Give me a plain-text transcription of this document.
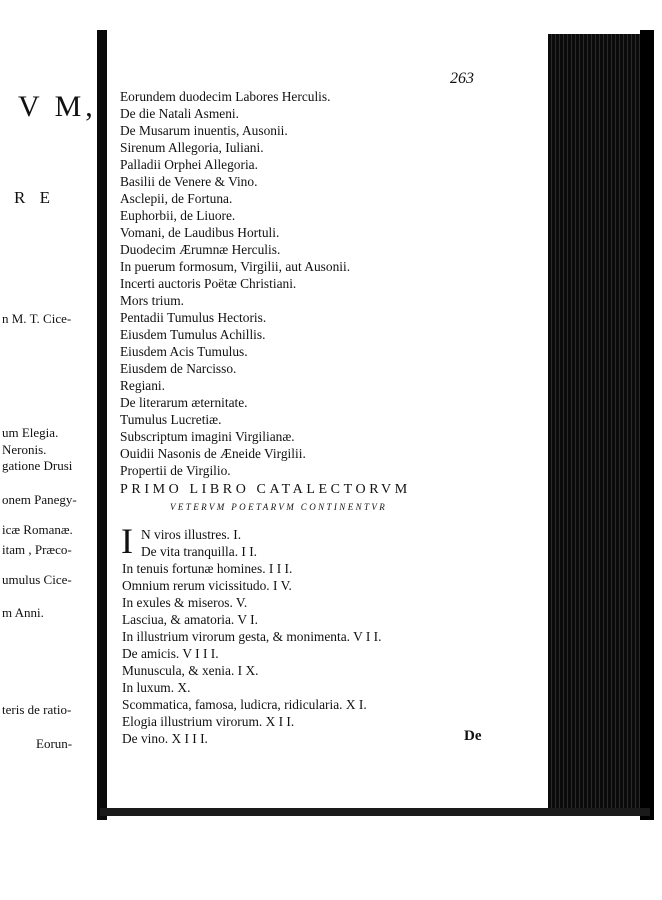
V M,
R E
n M. T. Cice-
um Elegia.
Neronis.
gatione Drusi
onem Panegy-
icæ Romanæ.
itam , Præco-
umulus Cice-
m Anni.
teris de ratio-
Eorun-
263
Eorundem duodecim Labores Herculis.
De die Natali Asmeni.
De Musarum inuentis, Ausonii.
Sirenum Allegoria, Iuliani.
Palladii Orphei Allegoria.
Basilii de Venere & Vino.
Asclepii, de Fortuna.
Euphorbii, de Liuore.
Vomani, de Laudibus Hortuli.
Duodecim Ærumnæ Herculis.
In puerum formosum, Virgilii, aut Ausonii.
Incerti auctoris Poëtæ Christiani.
Mors trium.
Pentadii Tumulus Hectoris.
Eiusdem Tumulus Achillis.
Eiusdem Acis Tumulus.
Eiusdem de Narcisso.
Regiani.
De literarum æternitate.
Tumulus Lucretiæ.
Subscriptum imagini Virgilianæ.
Ouidii Nasonis de Æneide Virgilii.
Propertii de Virgilio.
PRIMO LIBRO CATALECTORVM
VETERVM POETARVM CONTINENTVR
I N viros illustres. I.
De vita tranquilla. I I.
In tenuis fortunæ homines. I I I.
Omnium rerum vicissitudo. I V.
In exules & miseros. V.
Lasciua, & amatoria. V I.
In illustrium virorum gesta, & monimenta. V I I.
De amicis. V I I I.
Munuscula, & xenia. I X.
In luxum. X.
Scommatica, famosa, ludicra, ridicularia. X I.
Elogia illustrium virorum. X I I.
De vino. X I I I.	De
